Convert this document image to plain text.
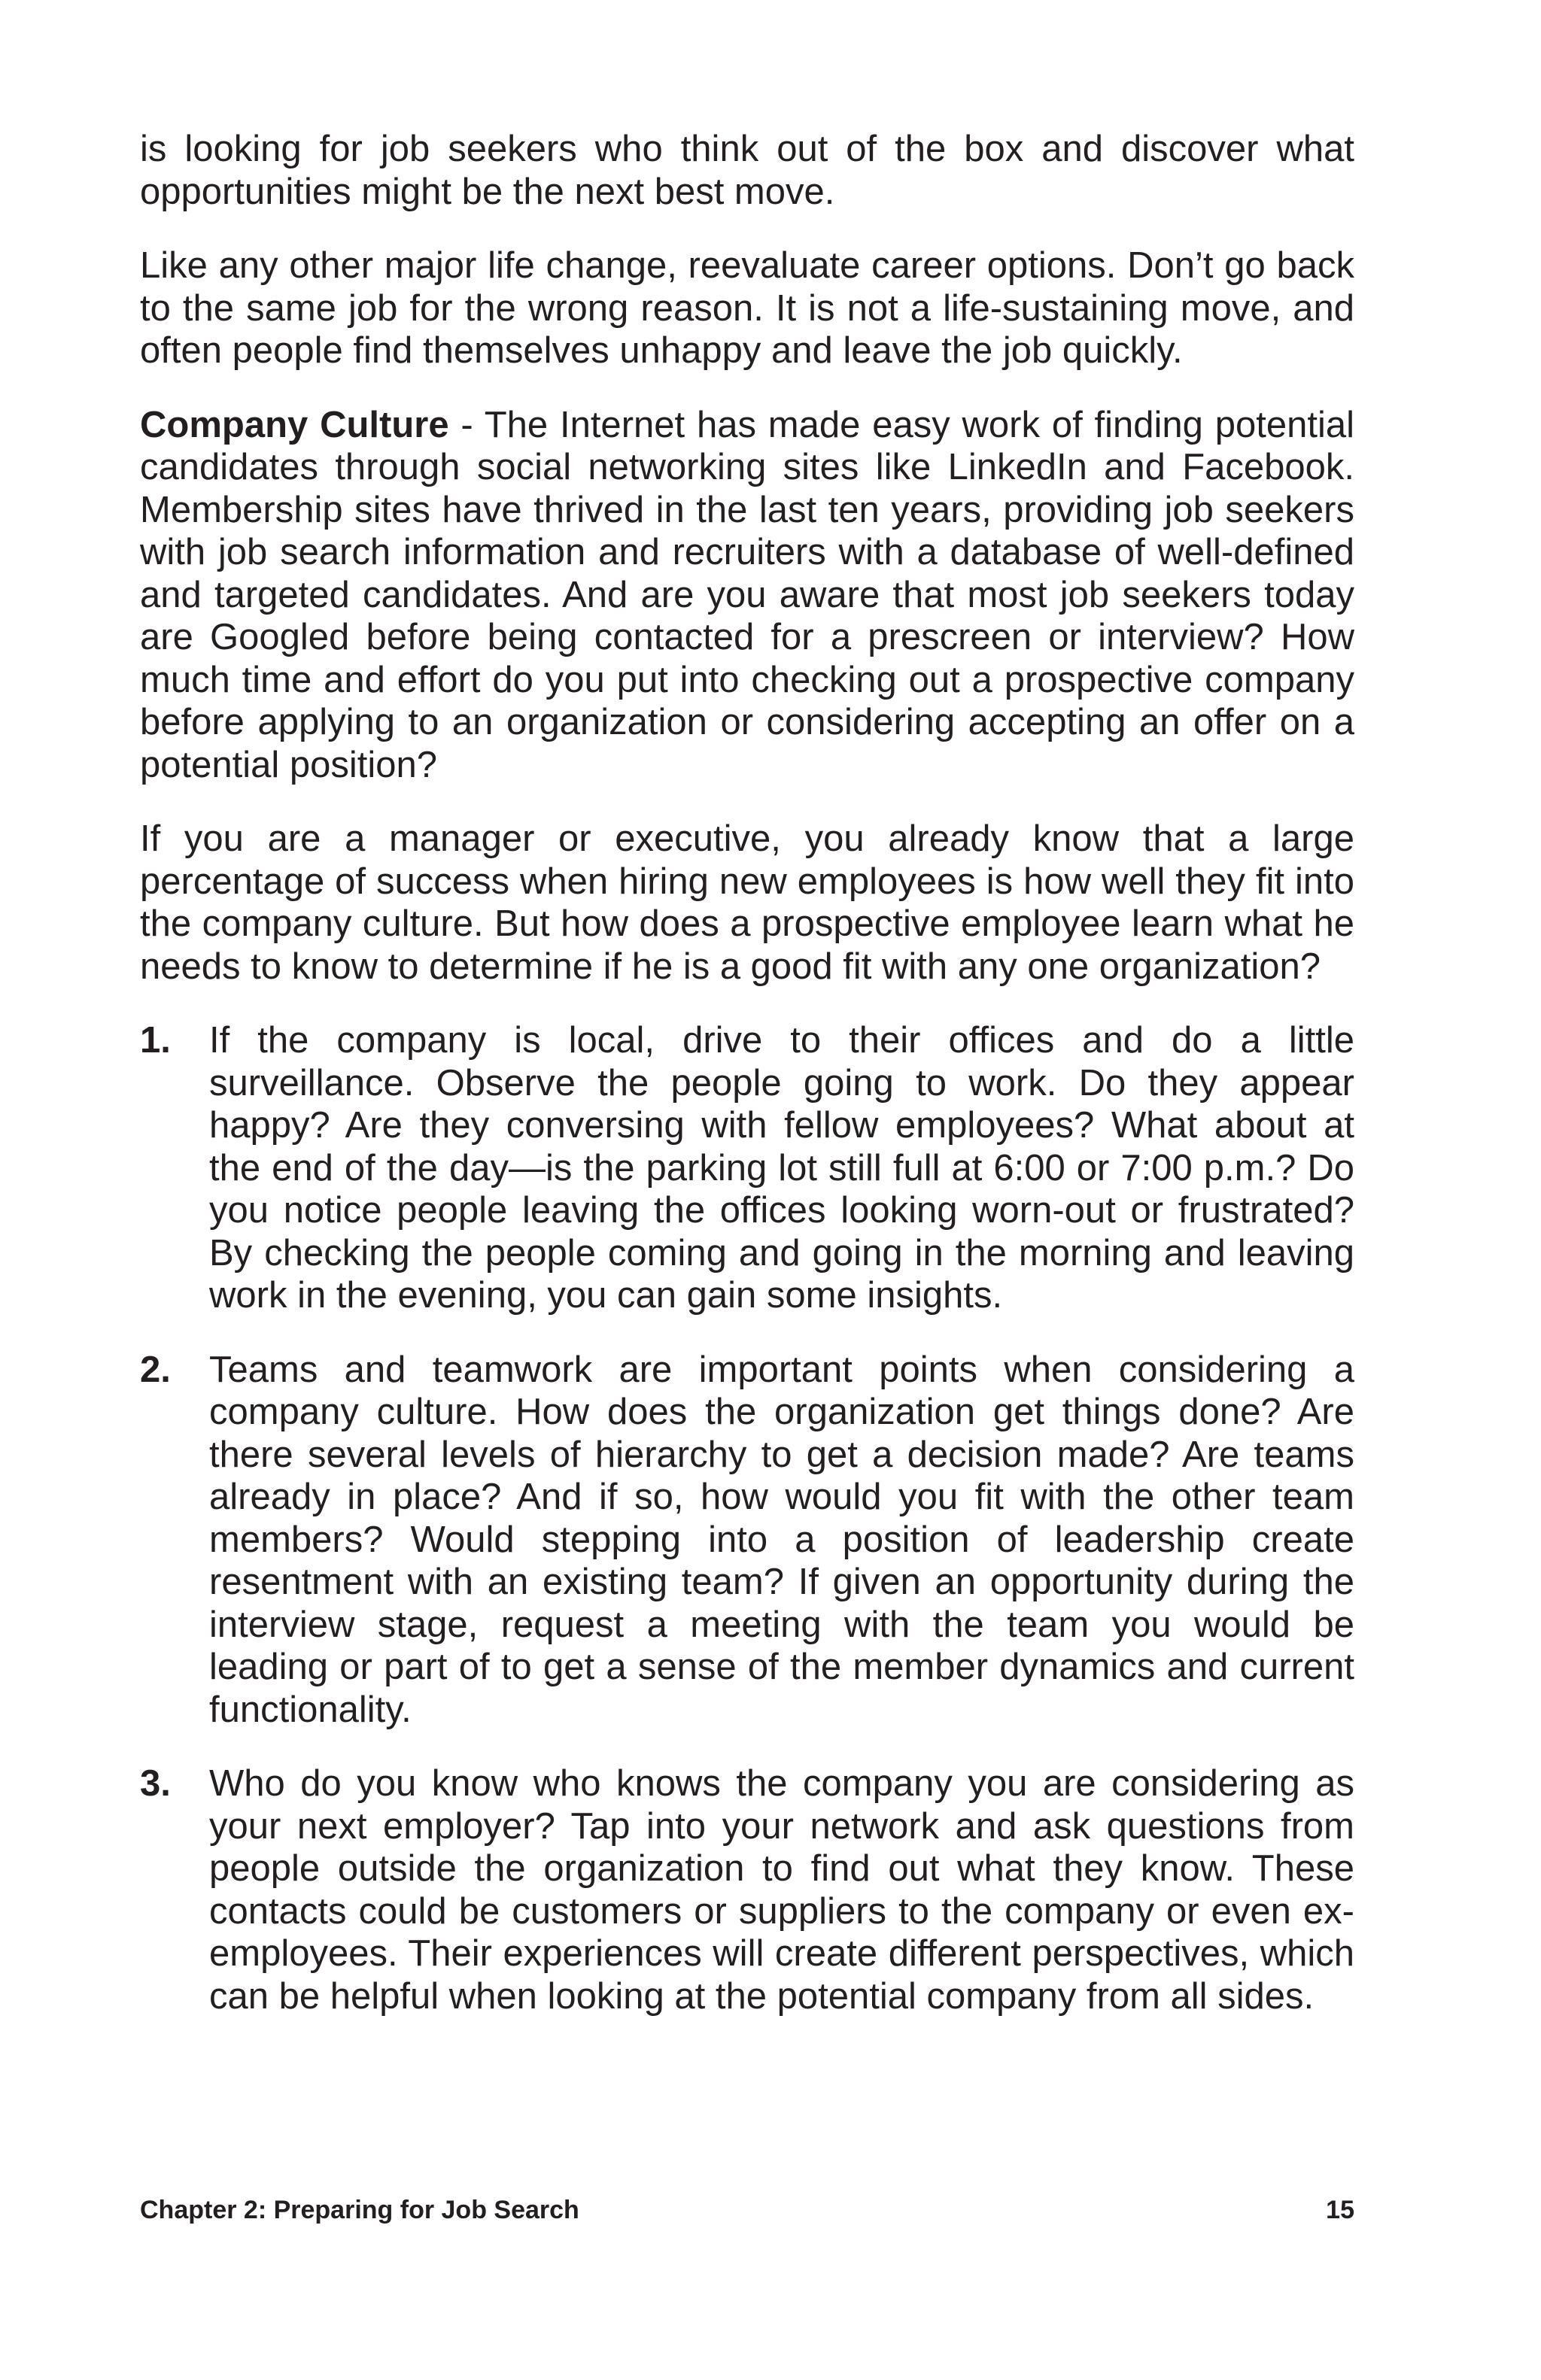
is looking for job seekers who think out of the box and discover what opportunities might be the next best move.

Like any other major life change, reevaluate career options. Don’t go back to the same job for the wrong reason. It is not a life-sustaining move, and often people find themselves unhappy and leave the job quickly.

Company Culture - The Internet has made easy work of finding potential candidates through social networking sites like LinkedIn and Facebook. Membership sites have thrived in the last ten years, providing job seekers with job search information and recruiters with a database of well-defined and targeted candidates. And are you aware that most job seekers today are Googled before being contacted for a prescreen or interview? How much time and effort do you put into checking out a prospective company before applying to an organization or considering accepting an offer on a potential position?

If you are a manager or executive, you already know that a large percentage of success when hiring new employees is how well they fit into the company culture. But how does a prospective employee learn what he needs to know to determine if he is a good fit with any one organization?

1. If the company is local, drive to their offices and do a little surveillance. Observe the people going to work. Do they appear happy? Are they conversing with fellow employees? What about at the end of the day—is the parking lot still full at 6:00 or 7:00 p.m.? Do you notice people leaving the offices looking worn-out or frustrated? By checking the people coming and going in the morning and leaving work in the evening, you can gain some insights.
2. Teams and teamwork are important points when considering a company culture. How does the organization get things done? Are there several levels of hierarchy to get a decision made? Are teams already in place? And if so, how would you fit with the other team members? Would stepping into a position of leadership create resentment with an existing team? If given an opportunity during the interview stage, request a meeting with the team you would be leading or part of to get a sense of the member dynamics and current functionality.
3. Who do you know who knows the company you are considering as your next employer? Tap into your network and ask questions from people outside the organization to find out what they know. These contacts could be customers or suppliers to the company or even ex-employees. Their experiences will create different perspectives, which can be helpful when looking at the potential company from all sides.
Chapter 2: Preparing for Job Search	15
